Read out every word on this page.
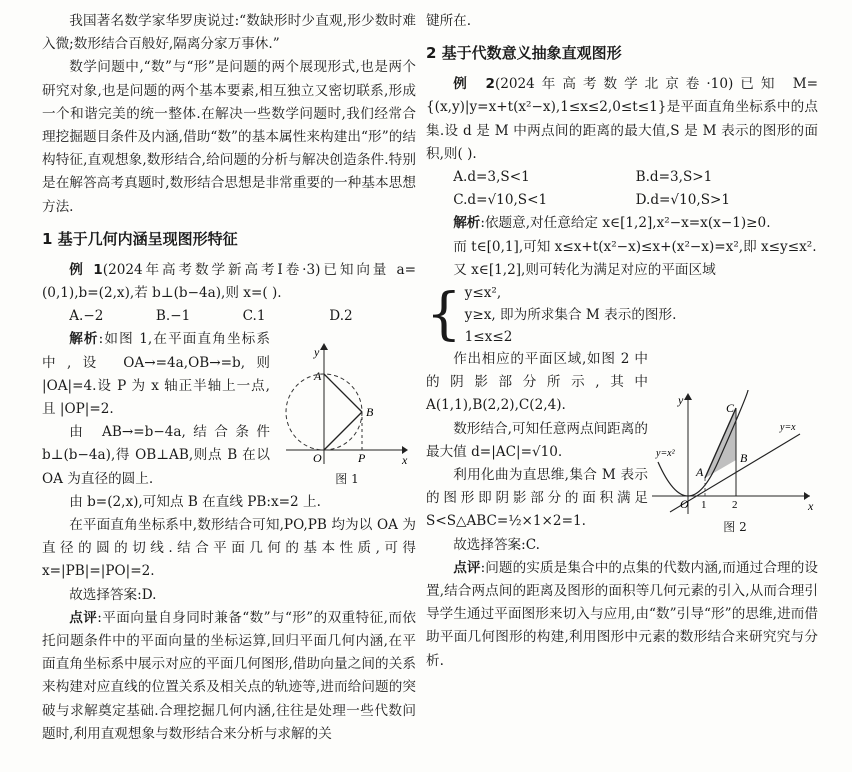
我国著名数学家华罗庚说过:“数缺形时少直观,形少数时难入微;数形结合百般好,隔离分家万事休.”

数学问题中,“数”与“形”是问题的两个展现形式,也是两个研究对象,也是问题的两个基本要素,相互独立又密切联系,形成一个和谐完美的统一整体.在解决一些数学问题时,我们经常合理挖掘题目条件及内涵,借助“数”的基本属性来构建出“形”的结构特征,直观想象,数形结合,给问题的分析与解决创造条件.特别是在解答高考真题时,数形结合思想是非常重要的一种基本思想方法.

1 基于几何内涵呈现图形特征

例 1(2024年高考数学新高考Ⅰ卷·3)已知向量 a=(0,1),b=(2,x),若 b⊥(b−4a),则 x=( ).

A.−2	B.−1	C.1	D.2

解析:如图 1,在平面直角坐标系中,设 OA→=4a,OB→=b,则 |OA|=4.设 P 为 x 轴正半轴上一点,且 |OP|=2.

由 AB→=b−4a,结合条件 b⊥(b−4a),得 OB⊥AB,则点 B 在以 OA 为直径的圆上.

由 b=(2,x),可知点 B 在直线 PB:x=2 上.

在平面直角坐标系中,数形结合可知,PO,PB 均为以 OA 为直径的圆的切线.结合平面几何的基本性质,可得 x=|PB|=|PO|=2.

故选择答案:D.

点评:平面向量自身同时兼备“数”与“形”的双重特征,而依托问题条件中的平面向量的坐标运算,回归平面几何内涵,在平面直角坐标系中展示对应的平面几何图形,借助向量之间的关系来构建对应直线的位置关系及相关点的轨迹等,进而给问题的突破与求解奠定基础.合理挖掘几何内涵,往往是处理一些代数问题时,利用直观想象与数形结合来分析与求解的关

y
x
A
B
O	P
图 1

键所在.

2 基于代数意义抽象直观图形

例 2(2024年高考数学北京卷·10)已知 M={(x,y)|y=x+t(x²−x),1≤x≤2,0≤t≤1}是平面直角坐标系中的点集.设 d 是 M 中两点间的距离的最大值,S 是 M 表示的图形的面积,则( ).

A.d=3,S<1	B.d=3,S>1
C.d=√10,S<1	D.d=√10,S>1

解析:依题意,对任意给定 x∈[1,2],x²−x=x(x−1)≥0.

而 t∈[0,1],可知 x≤x+t(x²−x)≤x+(x²−x)=x²,即 x≤y≤x².

又 x∈[1,2],则可转化为满足对应的平面区域

{ y≤x²,

y≥x, 即为所求集合 M 表示的图形.

1≤x≤2

作出相应的平面区域,如图 2 中的阴影部分所示,其中 A(1,1),B(2,2),C(2,4).

数形结合,可知任意两点间距离的最大值 d=|AC|=√10.

利用化曲为直思维,集合 M 表示的图形即阴影部分的面积满足 S<S△ABC=½×1×2=1.

故选择答案:C.

点评:问题的实质是集合中的点集的代数内涵,而通过合理的设置,结合两点间的距离及图形的面积等几何元素的引入,从而合理引导学生通过平面图形来切入与应用,由“数”引导“形”的思维,进而借助平面几何图形的构建,利用图形中元素的数形结合来研究究与分析.

y
x
C
A
B
O 1 2
y=x²
y=x
图 2
